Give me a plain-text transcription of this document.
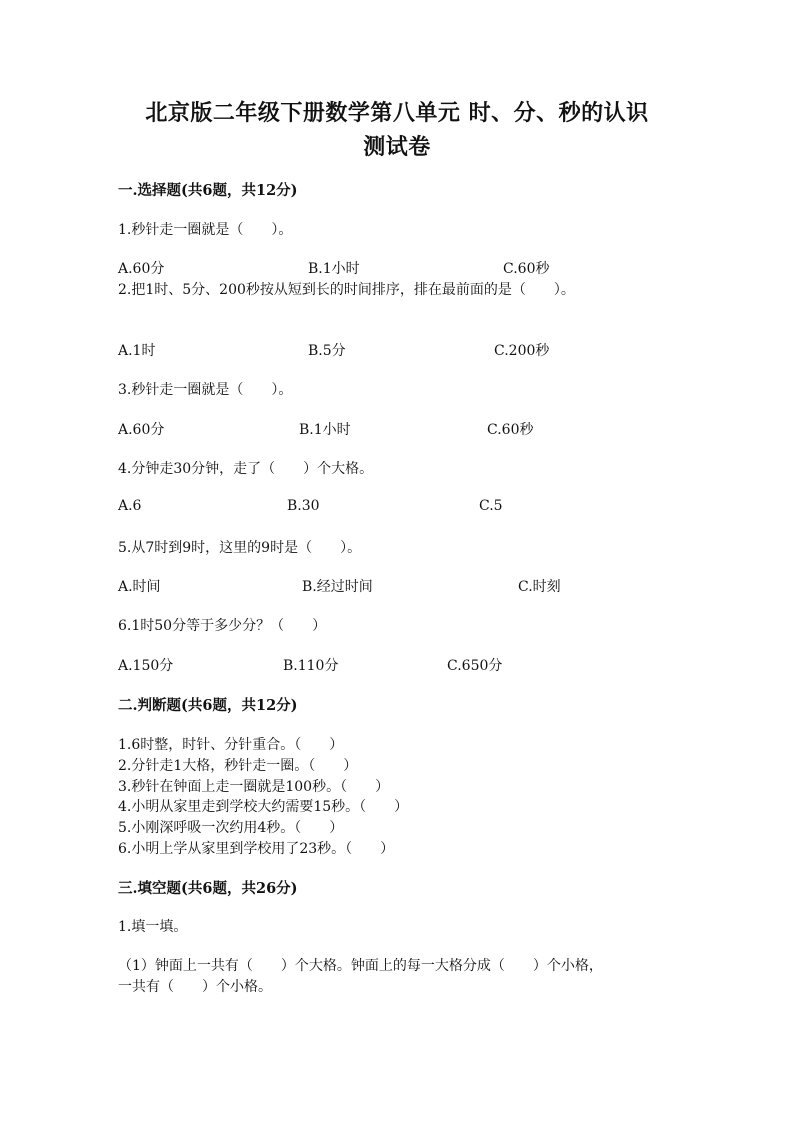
北京版二年级下册数学第八单元 时、分、秒的认识
测试卷
一.选择题(共6题，共12分)
1.秒针走一圈就是（　　）。
A.60分	B.1小时	C.60秒
2.把1时、5分、200秒按从短到长的时间排序，排在最前面的是（　　）。
A.1时	B.5分	C.200秒
3.秒针走一圈就是（　　）。
A.60分	B.1小时	C.60秒
4.分钟走30分钟，走了（　　）个大格。
A.6	B.30	C.5
5.从7时到9时，这里的9时是（　　）。
A.时间	B.经过时间	C.时刻
6.1时50分等于多少分？（　　）
A.150分	B.110分	C.650分
二.判断题(共6题，共12分)
1.6时整，时针、分针重合。（　　）
2.分针走1大格，秒针走一圈。（　　）
3.秒针在钟面上走一圈就是100秒。（　　）
4.小明从家里走到学校大约需要15秒。（　　）
5.小刚深呼吸一次约用4秒。（　　）
6.小明上学从家里到学校用了23秒。（　　）
三.填空题(共6题，共26分)
1.填一填。
（1）钟面上一共有（　　）个大格。钟面上的每一大格分成（　　）个小格，
一共有（　　）个小格。
